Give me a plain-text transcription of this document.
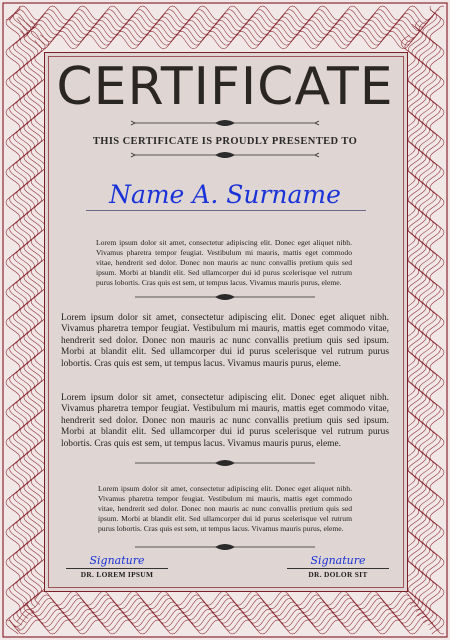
CERTIFICATE
THIS CERTIFICATE IS PROUDLY PRESENTED TO
Name A. Surname
Lorem ipsum dolor sit amet, consectetur adipiscing elit. Donec eget aliquet nibh. Vivamus pharetra tempor feugiat. Vestibulum mi mauris, mattis eget commodo vitae, hendrerit sed dolor. Donec non mauris ac nunc convallis pretium quis sed ipsum. Morbi at blandit elit. Sed ullamcorper dui id purus scelerisque vel rutrum purus lobortis. Cras quis est sem, ut tempus lacus. Vivamus mauris purus, eleme.
Lorem ipsum dolor sit amet, consectetur adipiscing elit. Donec eget aliquet nibh. Vivamus pharetra tempor feugiat. Vestibulum mi mauris, mattis eget commodo vitae, hendrerit sed dolor. Donec non mauris ac nunc convallis pretium quis sed ipsum. Morbi at blandit elit. Sed ullamcorper dui id purus scelerisque vel rutrum purus lobortis. Cras quis est sem, ut tempus lacus. Vivamus mauris purus, eleme.
Lorem ipsum dolor sit amet, consectetur adipiscing elit. Donec eget aliquet nibh. Vivamus pharetra tempor feugiat. Vestibulum mi mauris, mattis eget commodo vitae, hendrerit sed dolor. Donec non mauris ac nunc convallis pretium quis sed ipsum. Morbi at blandit elit. Sed ullamcorper dui id purus scelerisque vel rutrum purus lobortis. Cras quis est sem, ut tempus lacus. Vivamus mauris purus, eleme.
Lorem ipsum dolor sit amet, consectetur adipiscing elit. Donec eget aliquet nibh. Vivamus pharetra tempor feugiat. Vestibulum mi mauris, mattis eget commodo vitae, hendrerit sed dolor. Donec non mauris ac nunc convallis pretium quis sed ipsum. Morbi at blandit elit. Sed ullamcorper dui id purus scelerisque vel rutrum purus lobortis. Cras quis est sem, ut tempus lacus. Vivamus mauris purus, eleme.
Signature
DR. LOREM IPSUM
Signature
DR. DOLOR SIT
